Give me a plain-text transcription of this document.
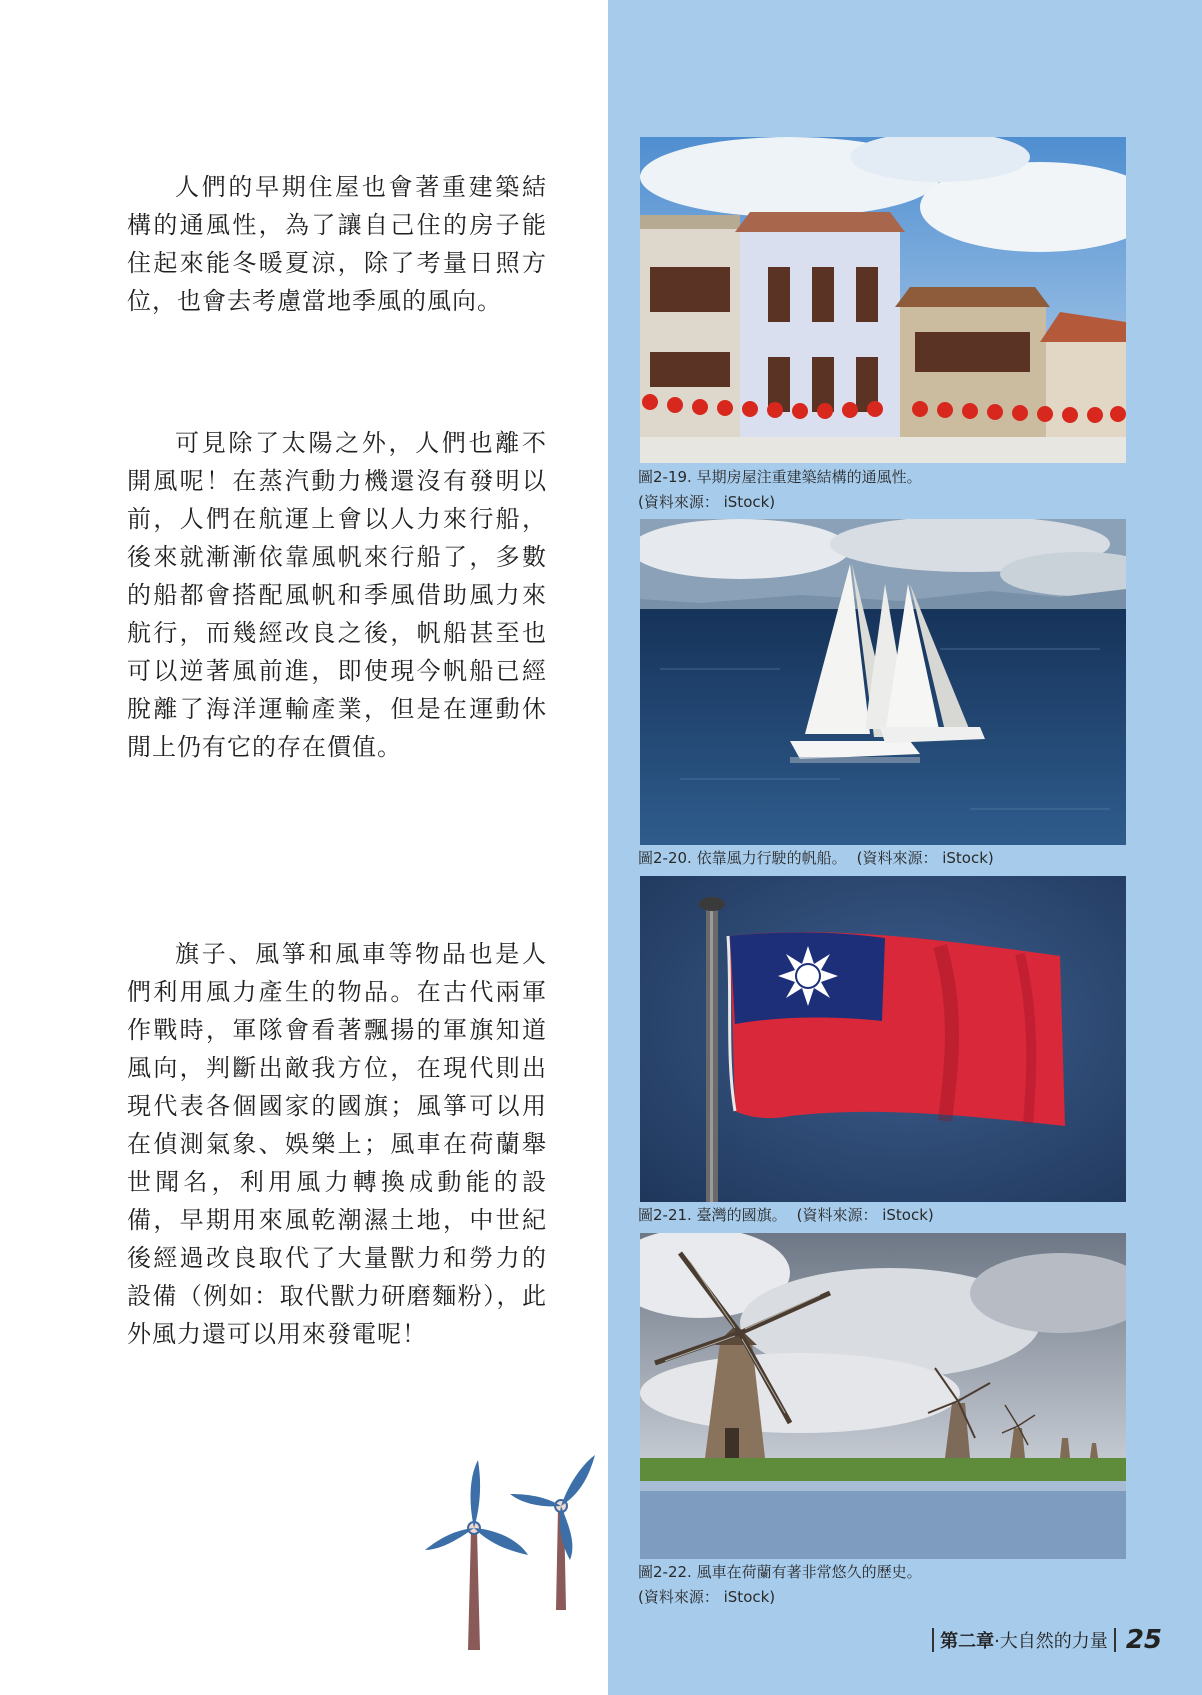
人們的早期住屋也會著重建築結構的通風性，為了讓自己住的房子能住起來能冬暖夏涼，除了考量日照方位，也會去考慮當地季風的風向。

可見除了太陽之外，人們也離不開風呢！在蒸汽動力機還沒有發明以前，人們在航運上會以人力來行船，後來就漸漸依靠風帆來行船了，多數的船都會搭配風帆和季風借助風力來航行，而幾經改良之後，帆船甚至也可以逆著風前進，即使現今帆船已經脫離了海洋運輸產業，但是在運動休閒上仍有它的存在價值。

旗子、風箏和風車等物品也是人們利用風力產生的物品。在古代兩軍作戰時，軍隊會看著飄揚的軍旗知道風向，判斷出敵我方位，在現代則出現代表各個國家的國旗；風箏可以用在偵測氣象、娛樂上；風車在荷蘭舉世聞名，利用風力轉換成動能的設備，早期用來風乾潮濕土地，中世紀後經過改良取代了大量獸力和勞力的設備（例如：取代獸力研磨麵粉），此外風力還可以用來發電呢！

圖2-19. 早期房屋注重建築結構的通風性。
(資料來源： iStock)

圖2-20. 依靠風力行駛的帆船。 (資料來源： iStock)

圖2-21. 臺灣的國旗。 (資料來源： iStock)

圖2-22. 風車在荷蘭有著非常悠久的歷史。
(資料來源： iStock)

第二章·大自然的力量 25
